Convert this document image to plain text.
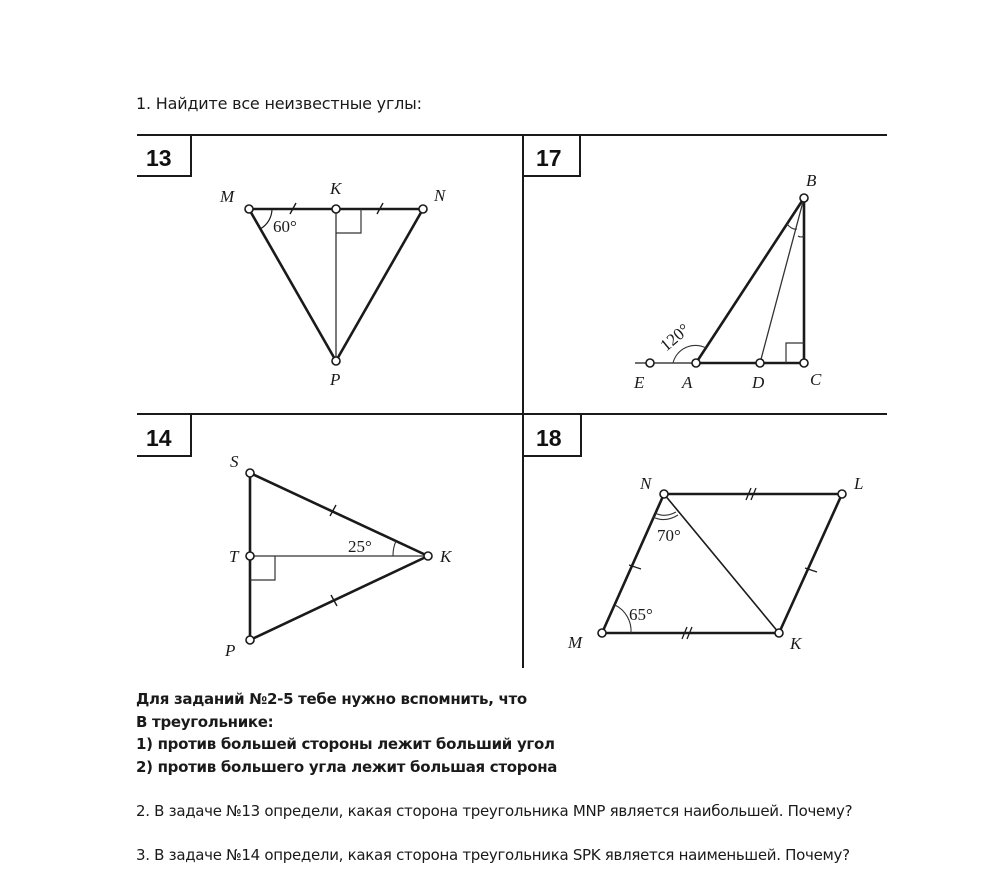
1. Найдите все неизвестные углы:
13	17
14	18
60°
M	K	N
P
120°
B
E A	D	C
25°
S
T	K
P
70°
65°
N	L
M	K
Для заданий №2-5 тебе нужно вспомнить, что
В треугольнике:
1) против большей стороны лежит больший угол
2) против большего угла лежит большая сторона
2. В задаче №13 определи, какая сторона треугольника MNP является наибольшей. Почему?
3. В задаче №14 определи, какая сторона треугольника SPK является наименьшей. Почему?
